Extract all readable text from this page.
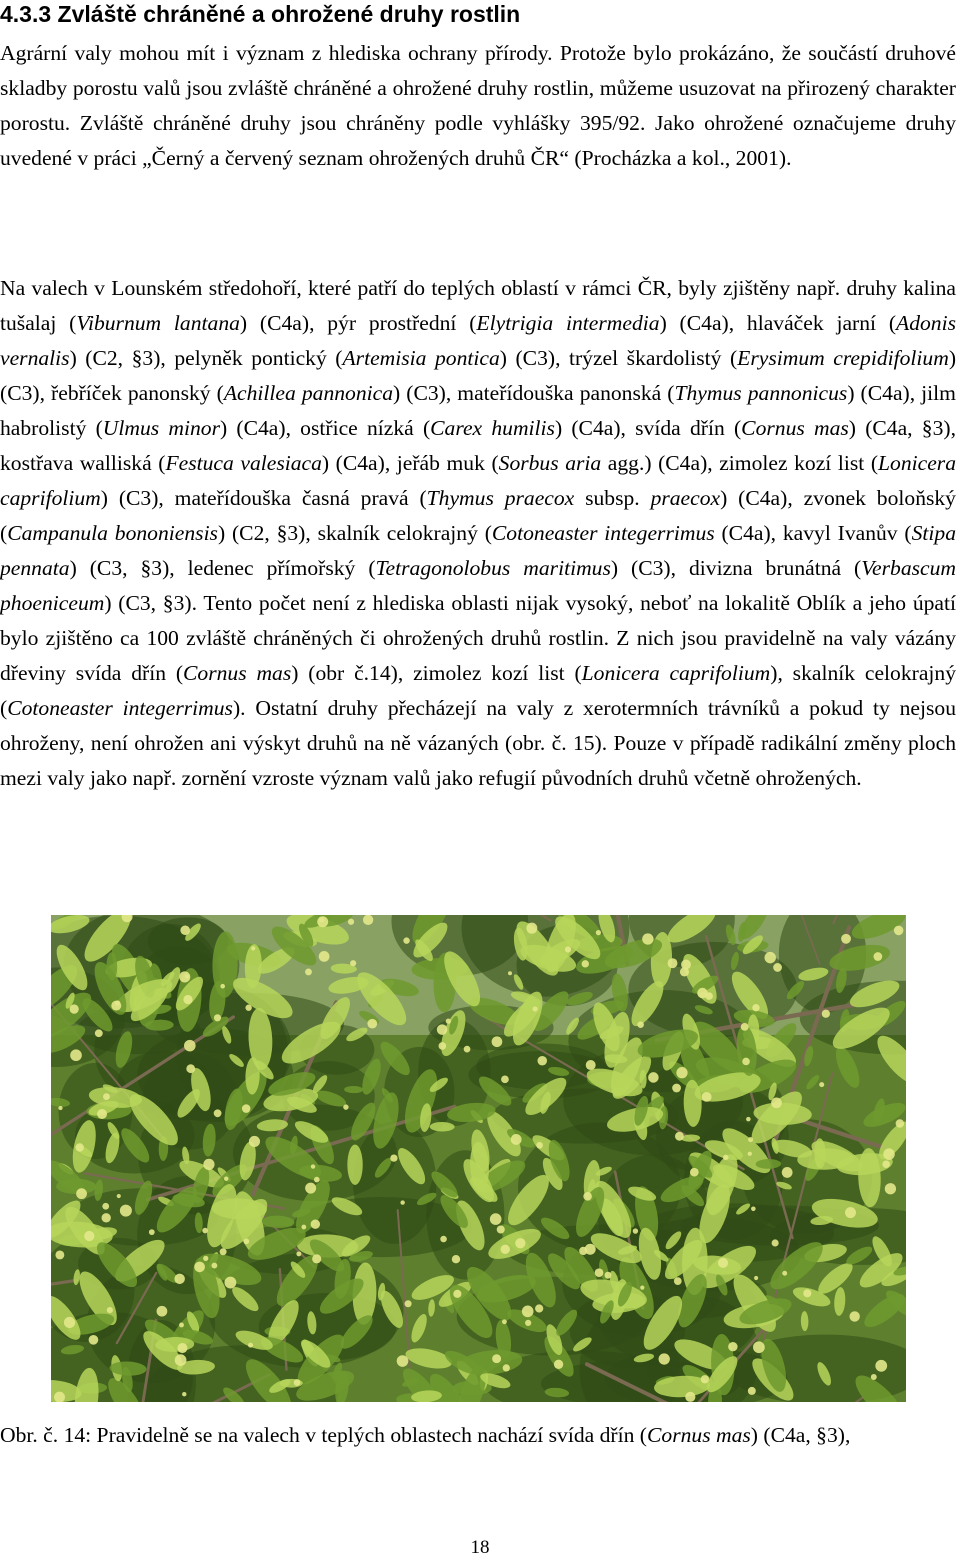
4.3.3 Zvláště chráněné a ohrožené druhy rostlin

Agrární valy mohou mít i význam z hlediska ochrany přírody. Protože bylo prokázáno, že součástí druhové skladby porostu valů jsou zvláště chráněné a ohrožené druhy rostlin, můžeme usuzovat na přirozený charakter porostu. Zvláště chráněné druhy jsou chráněny podle vyhlášky 395/92. Jako ohrožené označujeme druhy uvedené v práci „Černý a červený seznam ohrožených druhů ČR“ (Procházka a kol., 2001).

Na valech v Lounském středohoří, které patří do teplých oblastí v rámci ČR, byly zjištěny např. druhy kalina tušalaj (Viburnum lantana) (C4a), pýr prostřední (Elytrigia intermedia) (C4a), hlaváček jarní (Adonis vernalis) (C2, §3), pelyněk pontický (Artemisia pontica) (C3), trýzel škardolistý (Erysimum crepidifolium) (C3), řebříček panonský (Achillea pannonica) (C3), mateřídouška panonská (Thymus pannonicus) (C4a), jilm habrolistý (Ulmus minor) (C4a), ostřice nízká (Carex humilis) (C4a), svída dřín (Cornus mas) (C4a, §3), kostřava walliská (Festuca valesiaca) (C4a), jeřáb muk (Sorbus aria agg.) (C4a), zimolez kozí list (Lonicera caprifolium) (C3), mateřídouška časná pravá (Thymus praecox subsp. praecox) (C4a), zvonek boloňský (Campanula bononiensis) (C2, §3), skalník celokrajný (Cotoneaster integerrimus (C4a), kavyl Ivanův (Stipa pennata) (C3, §3), ledenec přímořský (Tetragonolobus maritimus) (C3), divizna brunátná (Verbascum phoeniceum) (C3, §3). Tento počet není z hlediska oblasti nijak vysoký, neboť na lokalitě Oblík a jeho úpatí bylo zjištěno ca 100 zvláště chráněných či ohrožených druhů rostlin. Z nich jsou pravidelně na valy vázány dřeviny svída dřín (Cornus mas) (obr č.14), zimolez kozí list (Lonicera caprifolium), skalník celokrajný (Cotoneaster integerrimus). Ostatní druhy přecházejí na valy z xerotermních trávníků a pokud ty nejsou ohroženy, není ohrožen ani výskyt druhů na ně vázaných (obr. č. 15). Pouze v případě radikální změny ploch mezi valy jako např. zornění vzroste význam valů jako refugií původních druhů včetně ohrožených.

Obr. č. 14: Pravidelně se na valech v teplých oblastech nachází svída dřín (Cornus mas) (C4a, §3),

18
